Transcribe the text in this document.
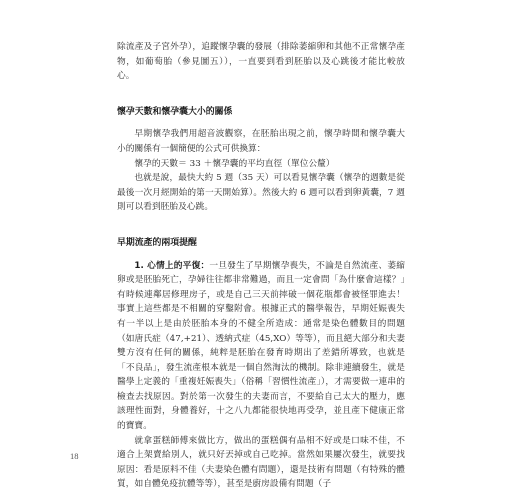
除流產及子宮外孕），追蹤懷孕囊的發展（排除萎縮卵和其他不正常懷孕產物，如葡萄胎（參見圖五）），一直要到看到胚胎以及心跳後才能比較放心。

懷孕天數和懷孕囊大小的關係

早期懷孕我們用超音波觀察，在胚胎出現之前，懷孕時間和懷孕囊大小的關係有一個簡便的公式可供換算：

懷孕的天數＝ 33 ＋懷孕囊的平均直徑（單位公釐）

也就是說，最快大約 5 週（35 天）可以看見懷孕囊（懷孕的週數是從最後一次月經開始的第一天開始算）。然後大約 6 週可以看到卵黃囊，7 週則可以看到胚胎及心跳。

早期流產的兩項提醒

1. 心情上的平復：一旦發生了早期懷孕喪失，不論是自然流產、萎縮卵或是胚胎死亡，孕婦往往都非常難過，而且一定會問「為什麼會這樣？」有時候連鄰居修理房子，或是自己三天前摔破一個花瓶都會被怪罪進去！事實上這些都是不相關的穿鑿附會。根據正式的醫學報告，早期妊娠喪失有一半以上是由於胚胎本身的不健全所造成：通常是染色體數目的問題（如唐氏症（47,+21）、透納式症（45,XO）等等），而且絕大部分和夫妻雙方沒有任何的關係，純粹是胚胎在發育時期出了差錯所導致，也就是「不良品」，發生流產根本就是一個自然淘汰的機制。除非連續發生，就是醫學上定義的「重複妊娠喪失」（俗稱「習慣性流產」），才需要做一連串的檢查去找原因。對於第一次發生的夫妻而言，不要給自己太大的壓力，應該理性面對，身體養好，十之八九都能很快地再受孕，並且產下健康正常的寶寶。

就拿蛋糕師傅來做比方，做出的蛋糕偶有品相不好或是口味不佳，不適合上架賣給別人，就只好丟掉或自己吃掉。當然如果屢次發生，就要找原因：看是原料不佳（夫妻染色體有問題），還是技術有問題（有特殊的體質，如自體免疫抗體等等），甚至是廚房設備有問題（子

18
